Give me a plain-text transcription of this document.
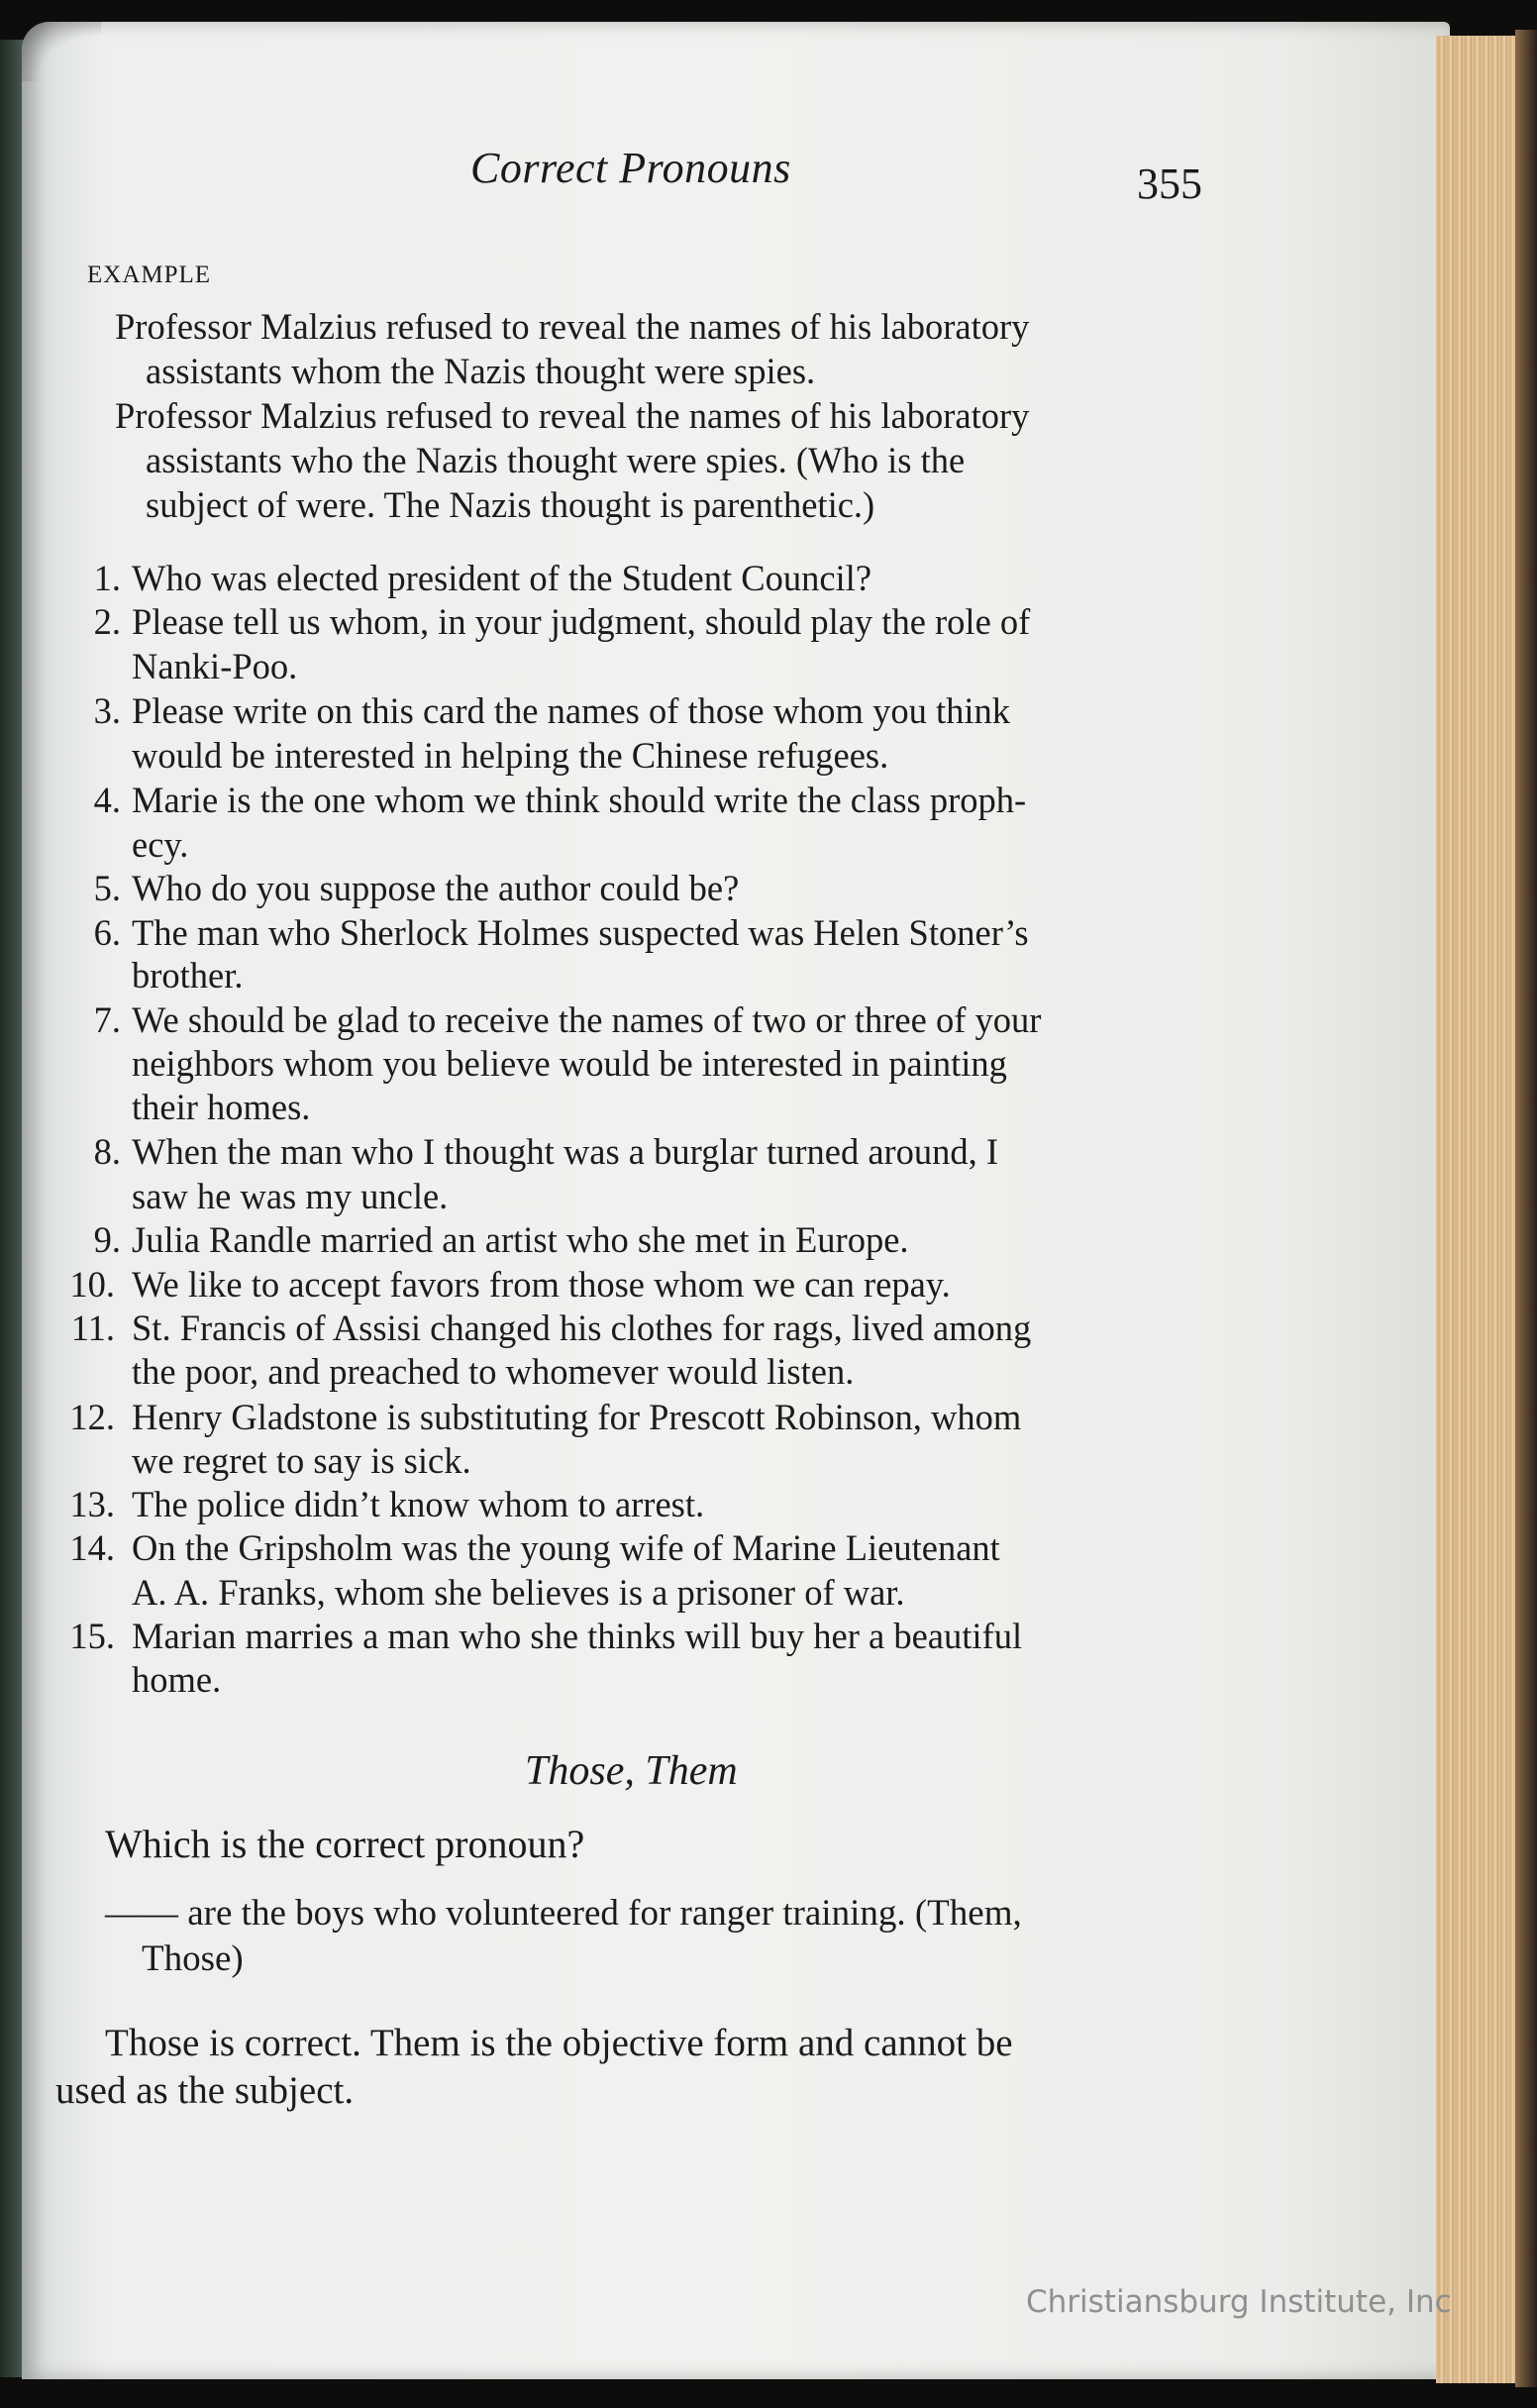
Correct Pronouns	355
EXAMPLE
Professor Malzius refused to reveal the names of his laboratory
assistants whom the Nazis thought were spies.
Professor Malzius refused to reveal the names of his laboratory
assistants who the Nazis thought were spies. (Who is the
subject of were. The Nazis thought is parenthetic.)
1. Who was elected president of the Student Council?
2. Please tell us whom, in your judgment, should play the role of
Nanki-Poo.
3. Please write on this card the names of those whom you think
would be interested in helping the Chinese refugees.
4. Marie is the one whom we think should write the class proph-
ecy.
5. Who do you suppose the author could be?
6. The man who Sherlock Holmes suspected was Helen Stoner’s
brother.
7. We should be glad to receive the names of two or three of your
neighbors whom you believe would be interested in painting
their homes.
8. When the man who I thought was a burglar turned around, I
saw he was my uncle.
9. Julia Randle married an artist who she met in Europe.
10. We like to accept favors from those whom we can repay.
11. St. Francis of Assisi changed his clothes for rags, lived among
the poor, and preached to whomever would listen.
12. Henry Gladstone is substituting for Prescott Robinson, whom
we regret to say is sick.
13. The police didn’t know whom to arrest.
14. On the Gripsholm was the young wife of Marine Lieutenant
A. A. Franks, whom she believes is a prisoner of war.
15. Marian marries a man who she thinks will buy her a beautiful
home.
Those, Them
Which is the correct pronoun?
—— are the boys who volunteered for ranger training. (Them,
Those)
Those is correct. Them is the objective form and cannot be
used as the subject.
Christiansburg Institute, Inc
